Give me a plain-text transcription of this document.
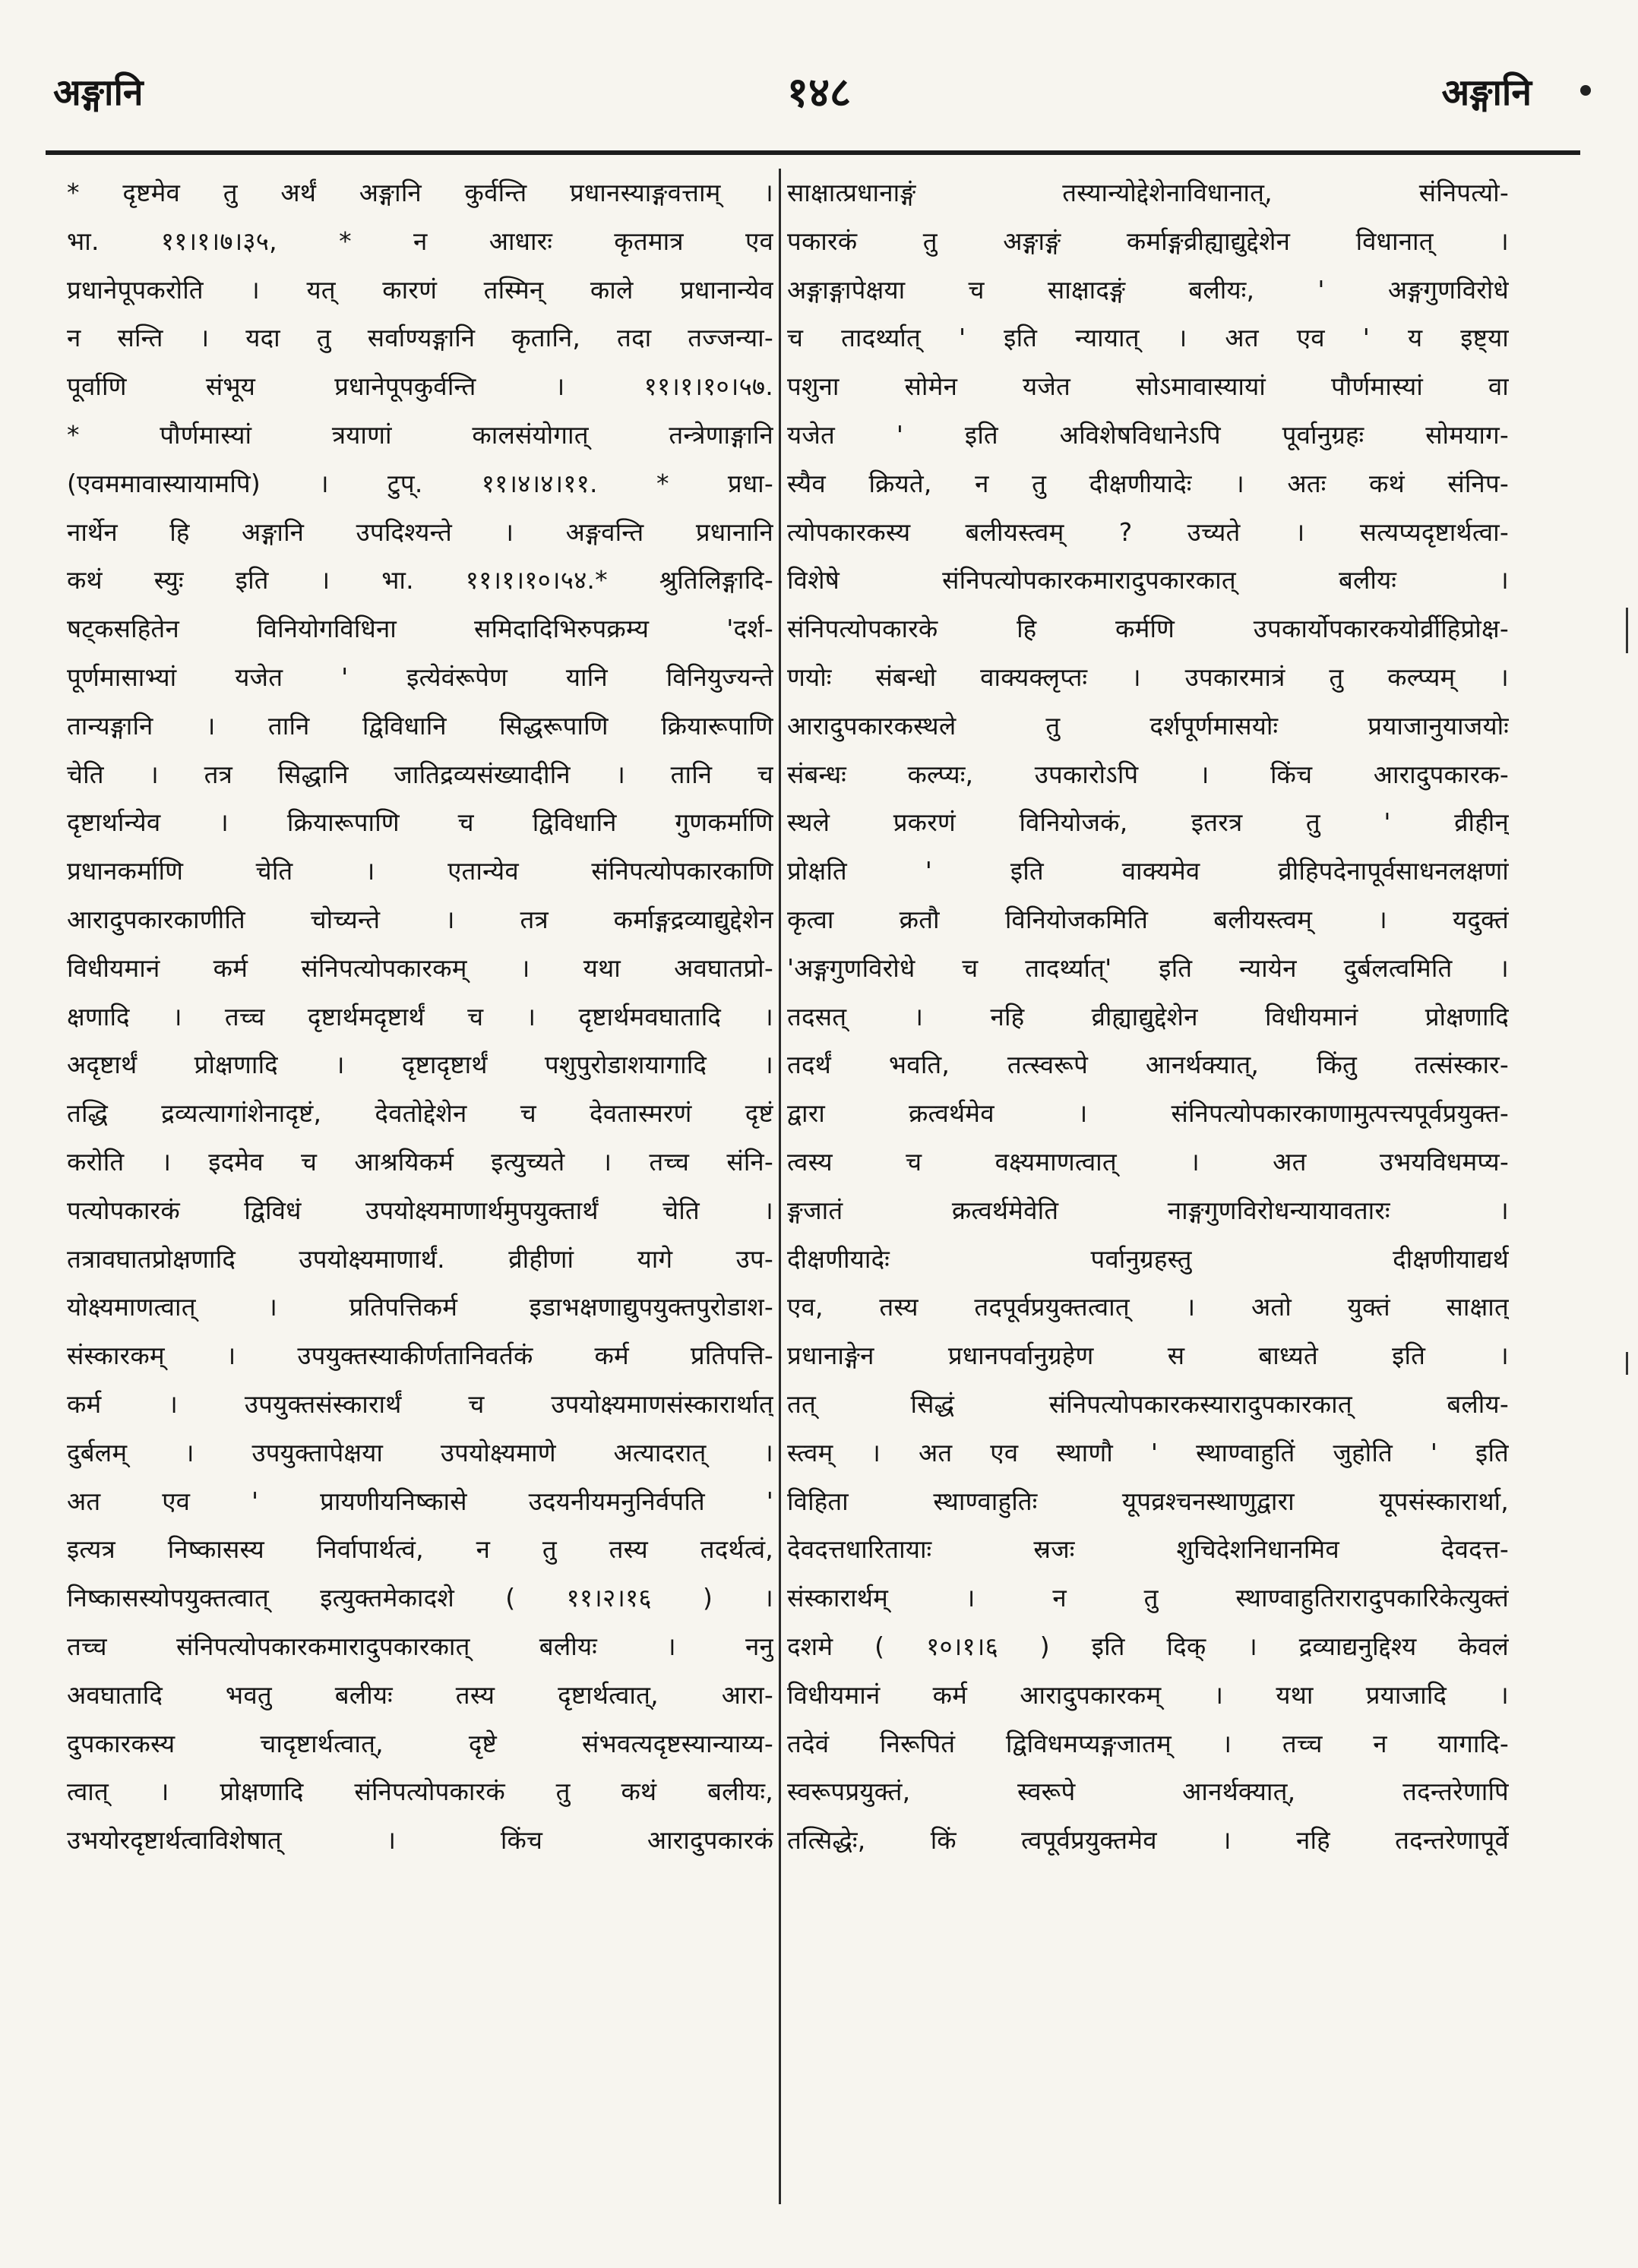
१४८
अङ्गानि	अङ्गानि
* दृष्टमेव तु अर्थं अङ्गानि कुर्वन्ति प्रधानस्याङ्गवत्ताम् ।
भा. ११।१।७।३५, * न आधारः कृतमात्र एव
प्रधानेपूपकरोति । यत् कारणं तस्मिन् काले प्रधानान्येव
न सन्ति । यदा तु सर्वाण्यङ्गानि कृतानि, तदा तज्जन्या-
पूर्वाणि संभूय प्रधानेपूपकुर्वन्ति । ११।१।१०।५७.
* पौर्णमास्यां त्रयाणां कालसंयोगात् तन्त्रेणाङ्गानि
(एवममावास्यायामपि) । टुप्. ११।४।४।११. * प्रधा-
नार्थेन हि अङ्गानि उपदिश्यन्ते । अङ्गवन्ति प्रधानानि
कथं स्युः इति । भा. ११।१।१०।५४.* श्रुतिलिङ्गादि-
षट्कसहितेन विनियोगविधिना समिदादिभिरुपक्रम्य 'दर्श-
पूर्णमासाभ्यां यजेत ' इत्येवंरूपेण यानि विनियुज्यन्ते
तान्यङ्गानि । तानि द्विविधानि सिद्धरूपाणि क्रियारूपाणि
चेति । तत्र सिद्धानि जातिद्रव्यसंख्यादीनि । तानि च
दृष्टार्थान्येव । क्रियारूपाणि च द्विविधानि गुणकर्माणि
प्रधानकर्माणि चेति । एतान्येव संनिपत्योपकारकाणि
आरादुपकारकाणीति चोच्यन्ते । तत्र कर्माङ्गद्रव्याद्युद्देशेन
विधीयमानं कर्म संनिपत्योपकारकम् । यथा अवघातप्रो-
क्षणादि । तच्च दृष्टार्थमदृष्टार्थं च । दृष्टार्थमवघातादि ।
अदृष्टार्थं प्रोक्षणादि । दृष्टादृष्टार्थं पशुपुरोडाशयागादि ।
तद्धि द्रव्यत्यागांशेनादृष्टं, देवतोद्देशेन च देवतास्मरणं दृष्टं
करोति । इदमेव च आश्रयिकर्म इत्युच्यते । तच्च संनि-
पत्योपकारकं द्विविधं उपयोक्ष्यमाणार्थमुपयुक्तार्थं चेति ।
तत्रावघातप्रोक्षणादि उपयोक्ष्यमाणार्थं. व्रीहीणां यागे उप-
योक्ष्यमाणत्वात् । प्रतिपत्तिकर्म इडाभक्षणाद्युपयुक्तपुरोडाश-
संस्कारकम् । उपयुक्तस्याकीर्णतानिवर्तकं कर्म प्रतिपत्ति-
कर्म । उपयुक्तसंस्कारार्थं च उपयोक्ष्यमाणसंस्कारार्थात्
दुर्बलम् । उपयुक्तापेक्षया उपयोक्ष्यमाणे अत्यादरात् ।
अत एव ' प्रायणीयनिष्कासे उदयनीयमनुनिर्वपति '
इत्यत्र निष्कासस्य निर्वापार्थत्वं, न तु तस्य तदर्थत्वं,
निष्कासस्योपयुक्तत्वात् इत्युक्तमेकादशे ( ११।२।१६ ) ।
तच्च संनिपत्योपकारकमारादुपकारकात् बलीयः । ननु
अवघातादि भवतु बलीयः तस्य दृष्टार्थत्वात्, आरा-
दुपकारकस्य चादृष्टार्थत्वात्, दृष्टे संभवत्यदृष्टस्यान्याय्य-
त्वात् । प्रोक्षणादि संनिपत्योपकारकं तु कथं बलीयः,
उभयोरदृष्टार्थत्वाविशेषात् । किंच आरादुपकारकं
साक्षात्प्रधानाङ्गं तस्यान्योद्देशेनाविधानात्, संनिपत्यो-
पकारकं तु अङ्गाङ्गं कर्माङ्गव्रीह्याद्युद्देशेन विधानात् ।
अङ्गाङ्गापेक्षया च साक्षादङ्गं बलीयः, ' अङ्गगुणविरोधे
च तादर्थ्यात् ' इति न्यायात् । अत एव ' य इष्ट्या
पशुना सोमेन यजेत सोऽमावास्यायां पौर्णमास्यां वा
यजेत ' इति अविशेषविधानेऽपि पूर्वानुग्रहः सोमयाग-
स्यैव क्रियते, न तु दीक्षणीयादेः । अतः कथं संनिप-
त्योपकारकस्य बलीयस्त्वम् ? उच्यते । सत्यप्यदृष्टार्थत्वा-
विशेषे संनिपत्योपकारकमारादुपकारकात् बलीयः ।
संनिपत्योपकारके हि कर्मणि उपकार्योपकारकयोर्व्रीहिप्रोक्ष-
णयोः संबन्धो वाक्यक्लृप्तः । उपकारमात्रं तु कल्प्यम् ।
आरादुपकारकस्थले तु दर्शपूर्णमासयोः प्रयाजानुयाजयोः
संबन्धः कल्प्यः, उपकारोऽपि । किंच आरादुपकारक-
स्थले प्रकरणं विनियोजकं, इतरत्र तु ' व्रीहीन्
प्रोक्षति ' इति वाक्यमेव व्रीहिपदेनापूर्वसाधनलक्षणां
कृत्वा क्रतौ विनियोजकमिति बलीयस्त्वम् । यदुक्तं
'अङ्गगुणविरोधे च तादर्थ्यात्' इति न्यायेन दुर्बलत्वमिति ।
तदसत् । नहि व्रीह्याद्युद्देशेन विधीयमानं प्रोक्षणादि
तदर्थं भवति, तत्स्वरूपे आनर्थक्यात्, किंतु तत्संस्कार-
द्वारा क्रत्वर्थमेव । संनिपत्योपकारकाणामुत्पत्त्यपूर्वप्रयुक्त-
त्वस्य च वक्ष्यमाणत्वात् । अत उभयविधमप्य-
ङ्गजातं क्रत्वर्थमेवेति नाङ्गगुणविरोधन्यायावतारः ।
दीक्षणीयादेः पर्वानुग्रहस्तु दीक्षणीयाद्यर्थ
एव, तस्य तदपूर्वप्रयुक्तत्वात् । अतो युक्तं साक्षात्
प्रधानाङ्गेन प्रधानपर्वानुग्रहेण स बाध्यते इति ।
तत् सिद्धं संनिपत्योपकारकस्यारादुपकारकात् बलीय-
स्त्वम् । अत एव स्थाणौ ' स्थाण्वाहुतिं जुहोति ' इति
विहिता स्थाण्वाहुतिः यूपव्रश्चनस्थाणुद्वारा यूपसंस्कारार्था,
देवदत्तधारितायाः स्रजः शुचिदेशनिधानमिव देवदत्त-
संस्कारार्थम् । न तु स्थाण्वाहुतिरारादुपकारिकेत्युक्तं
दशमे ( १०।१।६ ) इति दिक् । द्रव्याद्यनुद्दिश्य केवलं
विधीयमानं कर्म आरादुपकारकम् । यथा प्रयाजादि ।
तदेवं निरूपितं द्विविधमप्यङ्गजातम् । तच्च न यागादि-
स्वरूपप्रयुक्तं, स्वरूपे आनर्थक्यात्, तदन्तरेणापि
तत्सिद्धेः, किं त्वपूर्वप्रयुक्तमेव । नहि तदन्तरेणापूर्वे
